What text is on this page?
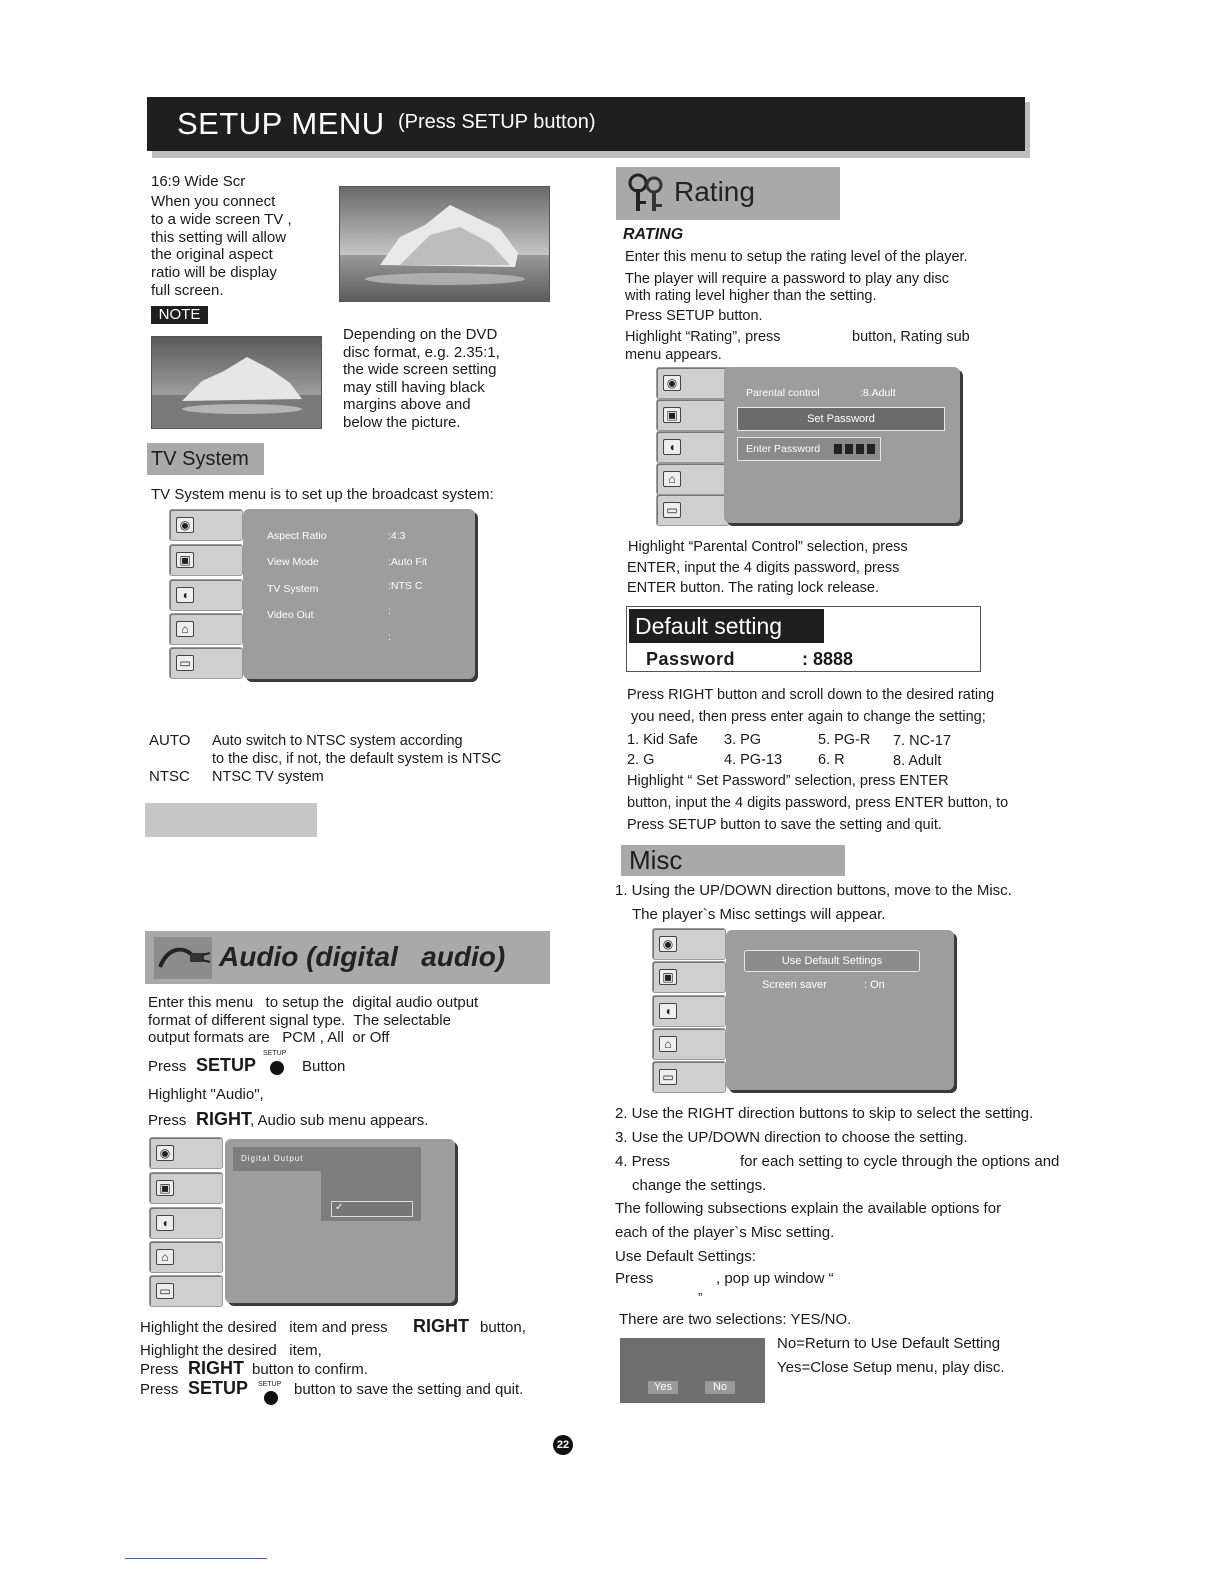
SETUP MENU (Press SETUP button)
16:9 Wide Scr
When you connect
to a wide screen TV ,
this setting will allow
the original aspect
ratio will be display
full screen.
NOTE
Depending on the DVD
disc format, e.g. 2.35:1,
the wide screen setting
may still having black
margins above and
below the picture.
TV System
TV System menu is to set up the broadcast system:
◉
▣
◖
⌂
▭
Aspect Ratio	:4:3
View Mode	:Auto Fit
TV System	:NTS C
Video Out	:
:
AUTO Auto switch to NTSC system according
to the disc, if not, the default system is NTSC
NTSC NTSC TV system
Audio (digital   audio)
Enter this menu   to setup the  digital audio output
format of different signal type.  The selectable
output formats are   PCM , All  or Off
Press SETUP
SETUP
Button
Highlight "Audio",
Press RIGHT
, Audio sub menu appears.
◉
▣
◖
⌂
▭
Digital Output
✓
Highlight the desired   item and press RIGHT button,
Highlight the desired   item,
Press RIGHT button to confirm.
Press SETUP SETUP button to save the setting and quit.
Rating
RATING
Enter this menu to setup the rating level of the player.
The player will require a password to play any disc
with rating level higher than the setting.
Press SETUP button.
Highlight “Rating”, press	button, Rating sub
menu appears.
◉
▣
◖
⌂
▭
Parental control	:8.Adult
Set Password
Enter Password
Highlight “Parental Control” selection, press
ENTER, input the 4 digits password, press
ENTER button. The rating lock release.
Default setting
Password	: 8888
Press RIGHT button and scroll down to the desired rating
you need, then press enter again to change the setting;
1. Kid Safe 3. PG	5. PG-R 7. NC-17
2. G	4. PG-13 6. R	8. Adult
Highlight “ Set Password” selection, press ENTER
button, input the 4 digits password, press ENTER button, to
Press SETUP button to save the setting and quit.
Misc
1. Using the UP/DOWN direction buttons, move to the Misc.
The player`s Misc settings will appear.
◉
▣
◖
⌂
▭
Use Default Settings
Screen saver	: On
2. Use the RIGHT direction buttons to skip to select the setting.
3. Use the UP/DOWN direction to choose the setting.
4. Press	for each setting to cycle through the options and
change the settings.
The following subsections explain the available options for
each of the player`s Misc setting.
Use Default Settings:
Press	, pop up window “
”
There are two selections: YES/NO.
No=Return to Use Default Setting
Yes=Close Setup menu, play disc.
Yes	No
22
